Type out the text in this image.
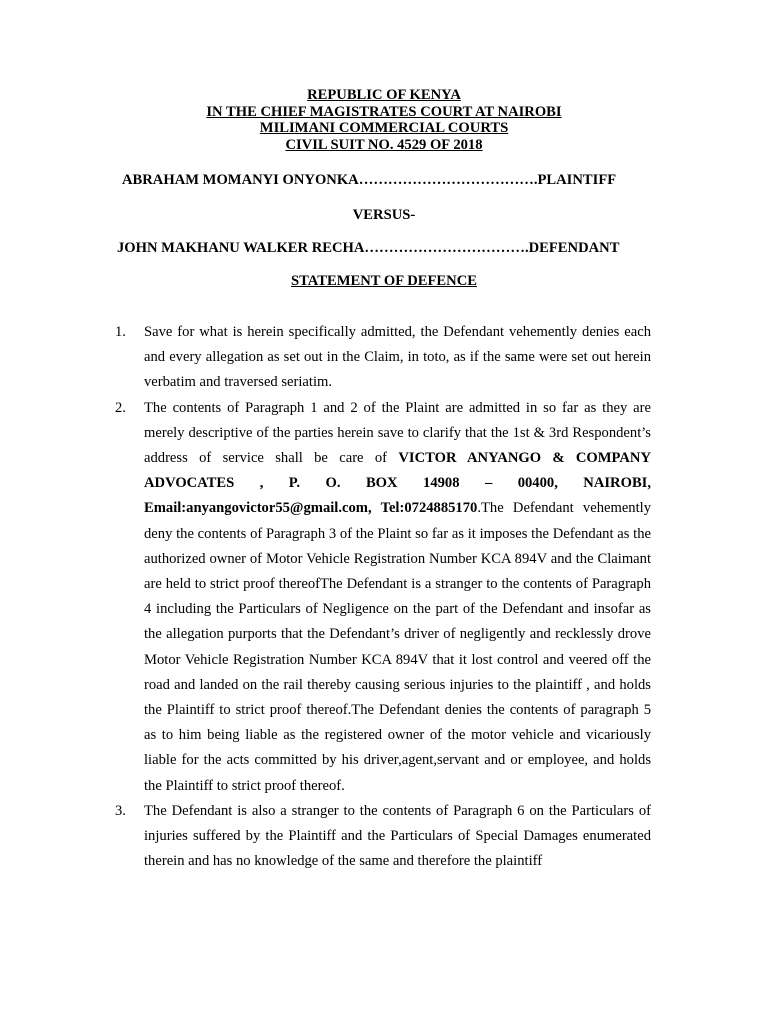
REPUBLIC OF KENYA
IN THE CHIEF MAGISTRATES COURT AT NAIROBI
MILIMANI COMMERCIAL COURTS
CIVIL SUIT NO. 4529 OF 2018
ABRAHAM MOMANYI ONYONKA……………………………….PLAINTIFF
VERSUS-
JOHN MAKHANU WALKER RECHA…………………………….DEFENDANT
STATEMENT OF DEFENCE
1. Save for what is herein specifically admitted, the Defendant vehemently denies each and every allegation as set out in the Claim, in toto, as if the same were set out herein verbatim and traversed seriatim.
2. The contents of Paragraph 1 and 2 of the Plaint are admitted in so far as they are merely descriptive of the parties herein save to clarify that the 1st & 3rd Respondent’s address of service shall be care of VICTOR ANYANGO & COMPANY ADVOCATES , P. O. BOX 14908 – 00400, NAIROBI, Email:anyangovictor55@gmail.com, Tel:0724885170.The Defendant vehemently deny the contents of Paragraph 3 of the Plaint so far as it imposes the Defendant as the authorized owner of Motor Vehicle Registration Number KCA 894V and the Claimant are held to strict proof thereofThe Defendant is a stranger to the contents of Paragraph 4 including the Particulars of Negligence on the part of the Defendant and insofar as the allegation purports that the Defendant’s driver of negligently and recklessly drove Motor Vehicle Registration Number KCA 894V that it lost control and veered off the road and landed on the rail thereby causing serious injuries to the plaintiff , and holds the Plaintiff to strict proof thereof.The Defendant denies the contents of paragraph 5 as to him being liable as the registered owner of the motor vehicle and vicariously liable for the acts committed by his driver,agent,servant and or employee, and holds the Plaintiff to strict proof thereof.
3. The Defendant is also a stranger to the contents of Paragraph 6 on the Particulars of injuries suffered by the Plaintiff and the Particulars of Special Damages enumerated therein and has no knowledge of the same and therefore the plaintiff
